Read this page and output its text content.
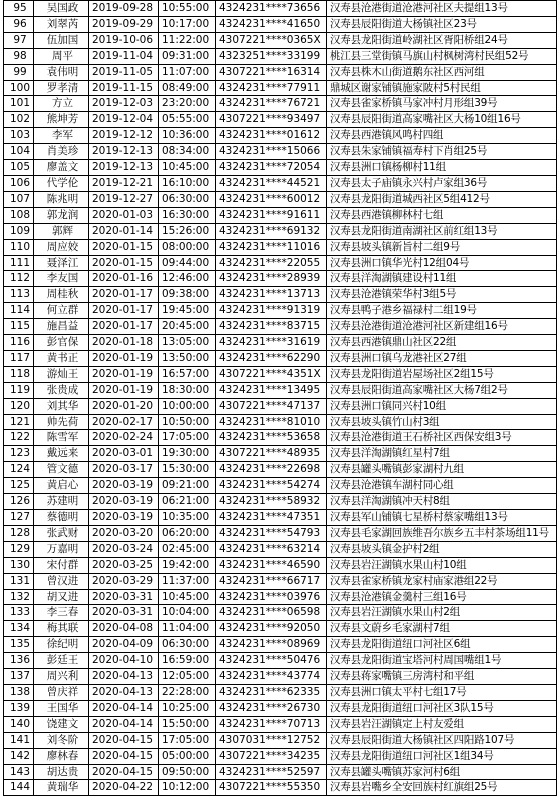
95	吴国政	2019-09-28	10:55:00	4324231****73656	汉寿县沧港街道沧港河社区夫提组13号
96	刘翠芮	2019-09-29	10:17:00	4324231****41650	汉寿县辰阳街道大杨镇社区23号
97	伍加国	2019-10-06	11:22:00	4307221****0365X	汉寿县龙阳街道岭湖社区胥阳桥组24号
98	周平	2019-11-04	09:31:00	4323251****33199	桃江县三堂街镇马旗山村枫树湾村民组52号
99	袁伟明	2019-11-05	11:07:00	4307221****16314	汉寿县株木山街道鹅东社区西河组
100	罗孝清	2019-11-15	08:49:00	4324231****77911	鼎城区谢家铺镇施家陂村5村民组
101	方立	2019-12-03	23:20:00	4324231****76721	汉寿县雀家桥镇马家冲村月形组39号
102	熊坤芳	2019-12-04	05:55:00	4307221****93497	汉寿县辰阳街道高家嘴社区大杨10组16号
103	李军	2019-12-12	10:36:00	4324231****01612	汉寿县西港镇风鸣村四组
104	肖美珍	2019-12-13	08:34:00	4324231****15066	汉寿县朱家铺镇福寿村下肖组25号
105	廖盖文	2019-12-13	10:45:00	4324231****72054	汉寿县洲口镇杨柳村11组
106	代学伦	2019-12-21	16:10:00	4324231****44521	汉寿县太子庙镇永兴村卢家组36号
107	陈兆明	2019-12-27	06:30:00	4324231****60012	汉寿县龙阳街道城西社区5组412号
108	郭龙润	2020-01-03	16:30:00	4324231****91611	汉寿县西港镇柳林村七组
109	郭辉	2020-01-14	15:26:00	4324231****69132	汉寿县龙阳街道南湖社区前红组13号
110	周应姣	2020-01-15	08:00:00	4324231****11016	汉寿县坡头镇新旨村二组9号
111	聂泽江	2020-01-15	09:44:00	4324231****22055	汉寿县洲口镇华光村12组04号
112	李友国	2020-01-16	12:46:00	4324231****28939	汉寿县洋淘湖镇建设村11组
113	周桂秋	2020-01-17	09:38:00	4324231****13713	汉寿县沧港镇荣华村3组5号
114	何立群	2020-01-17	19:45:00	4324231****91319	汉寿县鸭子港乡福禄村二组19号
115	施昌益	2020-01-17	20:45:00	4324231****83715	汉寿县沧港街道沧港河社区新建组16号
116	彭官保	2020-01-18	13:05:00	4324231****31619	汉寿县西港镇鼎山社区22组
117	黄书正	2020-01-19	13:50:00	4324231****62290	汉寿县洲口镇乌龙港社区27组
118	游灿王	2020-01-19	16:57:00	4307221****4351X	汉寿县龙阳街道岩屋场社区2组15号
119	张贵成	2020-01-19	18:30:00	4324231****13495	汉寿县辰阳街道高家嘴社区大杨7组2号
120	刘其华	2020-01-20	10:00:00	4307221****47137	汉寿县洲口镇同兴村10组
121	帅先荷	2020-02-17	10:50:00	4324231****81010	汉寿县坡头镇竹山村3组
122	陈雪军	2020-02-24	17:05:00	4324231****53658	汉寿县沧港街道王石桥社区西保安组3号
123	戴远来	2020-03-01	19:30:00	4307221****48935	汉寿县洋淘湖镇红星村7组
124	管文德	2020-03-17	15:30:00	4324231****22698	汉寿县罐头嘴镇彭家湖村九组
125	黄启心	2020-03-19	09:21:00	4324231****54274	汉寿县沧港镇车湖村同心组
126	苏建明	2020-03-19	06:21:00	4324231****58932	汉寿县洋淘湖镇冲天村8组
127	蔡德明	2020-03-19	10:35:00	4324231****47351	汉寿县军山铺镇七星桥村蔡家嘴组13号
128	张武财	2020-03-20	06:20:00	4324231****54793	汉寿县毛家湖回族维吾尔族乡五丰村茶场组11号
129	万嘉明	2020-03-24	02:45:00	4324231****63214	汉寿县坡头镇金护村2组
130	宋付群	2020-03-25	19:42:00	4324231****46590	汉寿县岩汪湖镇水果山村10组
131	曾汉进	2020-03-29	11:37:00	4324231****66717	汉寿县雀家桥镇龙家村庙家港组22号
132	胡又进	2020-03-31	10:45:00	4324231****03976	汉寿县沧港镇金羹村三组16号
133	李三春	2020-03-31	10:04:00	4324231****06598	汉寿县岩汪湖镇水果山村2组
134	梅其联	2020-04-08	11:04:00	4324231****92050	汉寿县文蔚乡毛家湖村7组
135	徐纪明	2020-04-09	06:30:00	4324231****08969	汉寿县龙阳街道纽口河社区6组
136	彭廷王	2020-04-10	16:59:00	4324231****50476	汉寿县龙阳街道宝塔河村周国嘴组1号
137	周兴利	2020-04-13	12:05:00	4324231****43774	汉寿县蒋家嘴镇三房湾村和平组
138	曾庆祥	2020-04-13	22:28:00	4324231****62335	汉寿县洲口镇太平村七组17号
139	王国华	2020-04-14	10:25:00	4324231****26730	汉寿县龙阳街道纽口河社区3队15号
140	饶建文	2020-04-14	15:50:00	4324231****70713	汉寿县岩汪湖镇定上村友爱组
141	刘冬阶	2020-04-15	17:05:00	4307031****12752	汉寿县辰阳街道大杨镇社区四阳路107号
142	廖林春	2020-04-15	05:00:00	4307221****34235	汉寿县龙阳街道纽口河社区1组34号
143	胡达贵	2020-04-15	09:50:00	4324231****52597	汉寿县罐头嘴镇苏家河村6组
144	黄瑞华	2020-04-22	10:12:00	4307221****55350	汉寿县岩嘴乡全安回族村红旗组25号
